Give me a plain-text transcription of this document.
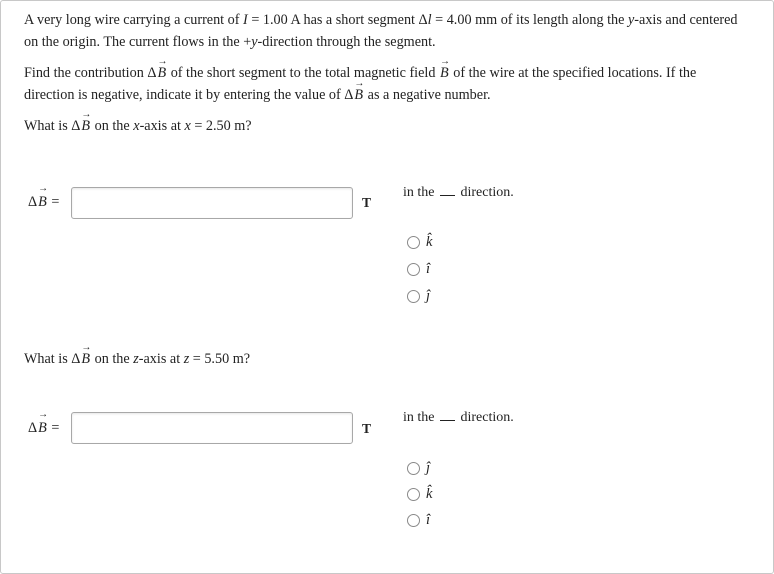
A very long wire carrying a current of I = 1.00 A has a short segment Δl = 4.00 mm of its length along the y-axis and centered on the origin. The current flows in the +y-direction through the segment.

Find the contribution Δ→ B of the short segment to the total magnetic field → B of the wire at the specified locations. If the direction is negative, indicate it by entering the value of Δ→ B as a negative number.

What is Δ→ B on the x-axis at x = 2.50 m?

Δ→ B =	T
in the  direction.
k̂
î
ĵ

What is Δ→ B on the z-axis at z = 5.50 m?

Δ→ B =	T
in the  direction.
ĵ
k̂
î
